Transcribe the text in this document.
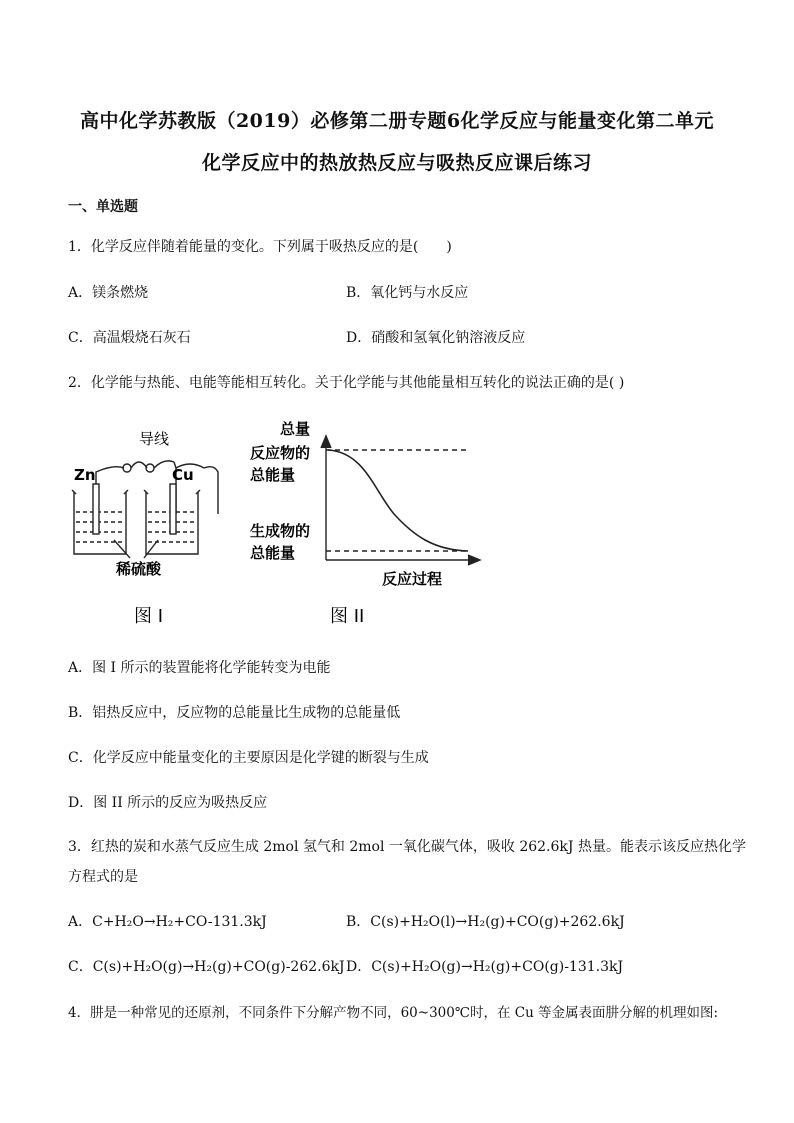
高中化学苏教版（2019）必修第二册专题6化学反应与能量变化第二单元
化学反应中的热放热反应与吸热反应课后练习
一、单选题
1．化学反应伴随着能量的变化。下列属于吸热反应的是(　　)
A．镁条燃烧	B．氧化钙与水反应
C．高温煅烧石灰石	D．硝酸和氢氧化钠溶液反应
2．化学能与热能、电能等能相互转化。关于化学能与其他能量相互转化的说法正确的是( )
导线
Zn	Cu
稀硫酸
图 I
总量
反应物的
总能量
生成物的
总能量
反应过程
图 II
A．图 I 所示的装置能将化学能转变为电能
B．铝热反应中，反应物的总能量比生成物的总能量低
C．化学反应中能量变化的主要原因是化学键的断裂与生成
D．图 II 所示的反应为吸热反应
3．红热的炭和水蒸气反应生成 2mol 氢气和 2mol 一氧化碳气体，吸收 262.6kJ 热量。能表示该反应热化学
方程式的是
A．C+H₂O→H₂+CO-131.3kJ	B．C(s)+H₂O(l)→H₂(g)+CO(g)+262.6kJ
C．C(s)+H₂O(g)→H₂(g)+CO(g)-262.6kJ D．C(s)+H₂O(g)→H₂(g)+CO(g)-131.3kJ
4．肼是一种常见的还原剂，不同条件下分解产物不同，60~300℃时，在 Cu 等金属表面肼分解的机理如图:
